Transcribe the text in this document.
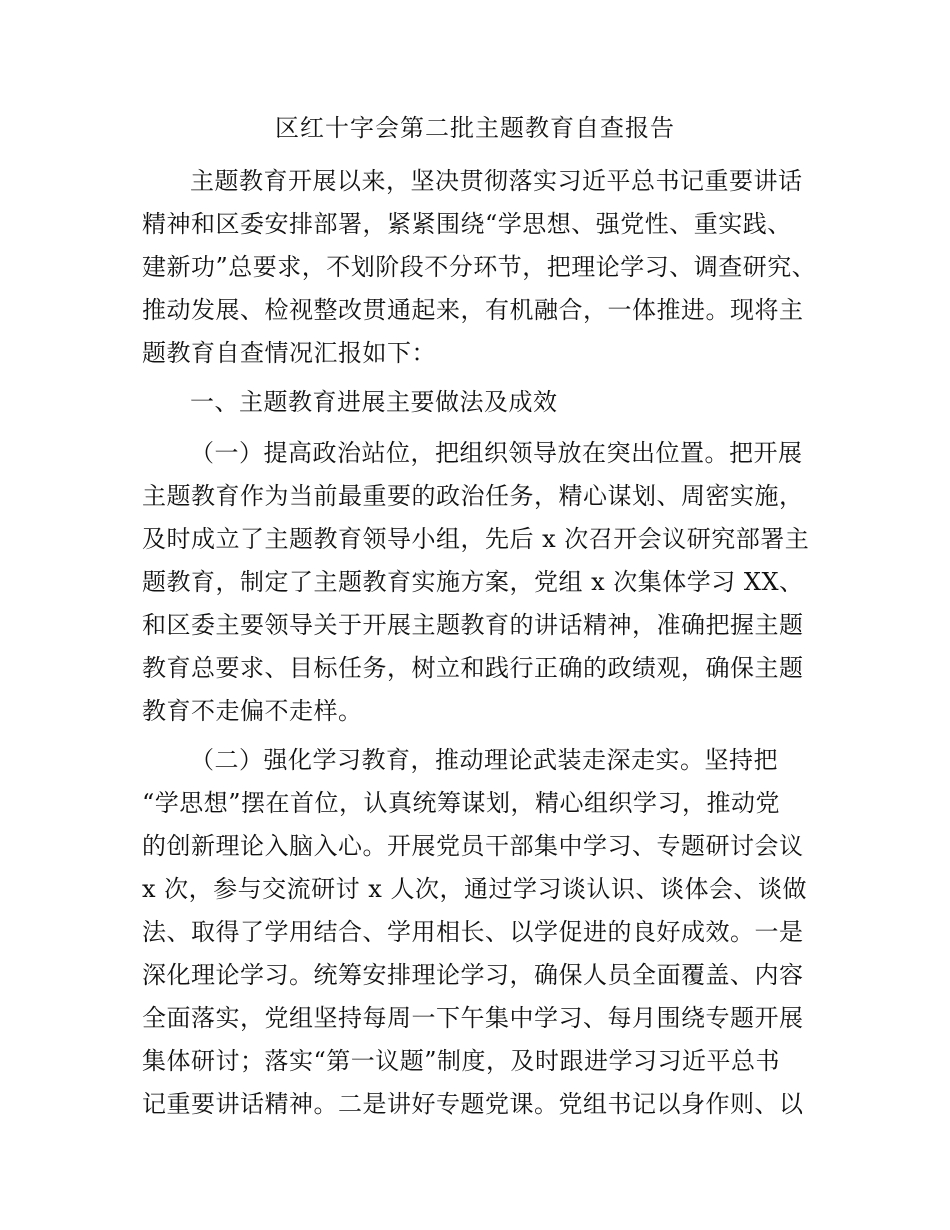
区红十字会第二批主题教育自查报告
主题教育开展以来，坚决贯彻落实习近平总书记重要讲话
精神和区委安排部署，紧紧围绕“学思想、强党性、重实践、
建新功”总要求，不划阶段不分环节，把理论学习、调查研究、
推动发展、检视整改贯通起来，有机融合，一体推进。现将主
题教育自查情况汇报如下：
一、主题教育进展主要做法及成效
（一）提高政治站位，把组织领导放在突出位置。把开展
主题教育作为当前最重要的政治任务，精心谋划、周密实施，
及时成立了主题教育领导小组，先后 x 次召开会议研究部署主
题教育，制定了主题教育实施方案，党组 x 次集体学习 XX、
和区委主要领导关于开展主题教育的讲话精神，准确把握主题
教育总要求、目标任务，树立和践行正确的政绩观，确保主题
教育不走偏不走样。
（二）强化学习教育，推动理论武装走深走实。坚持把
“学思想”摆在首位，认真统筹谋划，精心组织学习，推动党
的创新理论入脑入心。开展党员干部集中学习、专题研讨会议
x 次，参与交流研讨 x 人次，通过学习谈认识、谈体会、谈做
法、取得了学用结合、学用相长、以学促进的良好成效。一是
深化理论学习。统筹安排理论学习，确保人员全面覆盖、内容
全面落实，党组坚持每周一下午集中学习、每月围绕专题开展
集体研讨；落实“第一议题”制度，及时跟进学习习近平总书
记重要讲话精神。二是讲好专题党课。党组书记以身作则、以
